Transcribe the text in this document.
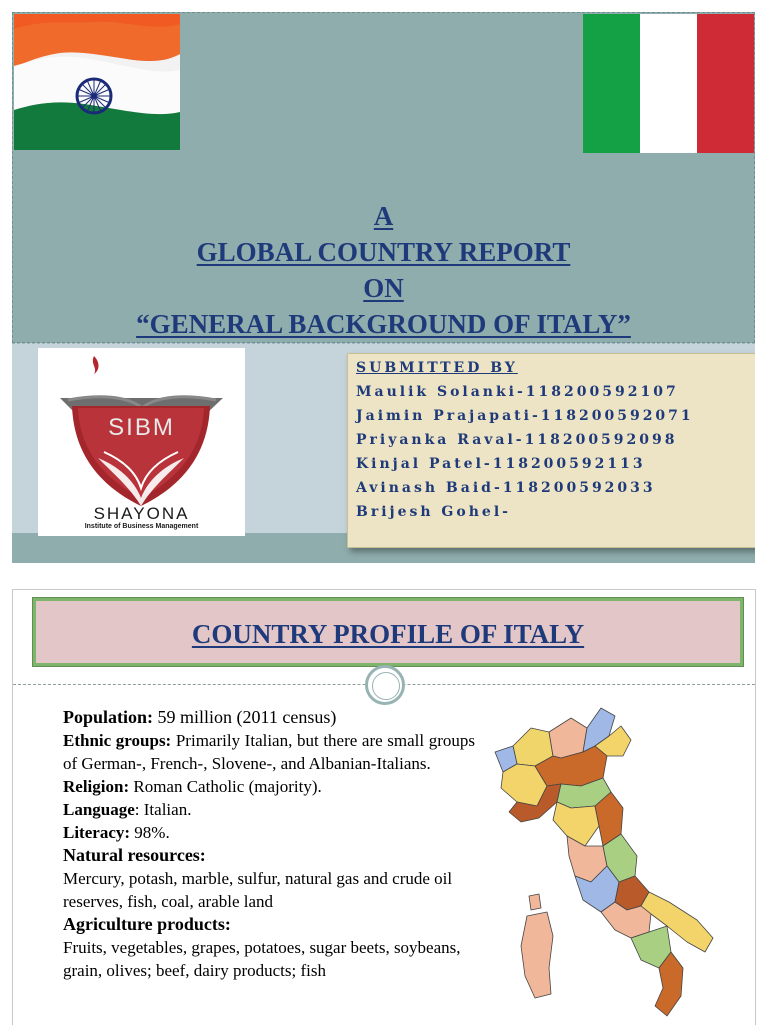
A
GLOBAL COUNTRY REPORT
ON
“GENERAL BACKGROUND OF ITALY”
SIBM
SHAYONA
Institute of Business Management
SUBMITTED BY
Maulik Solanki-118200592107
Jaimin Prajapati-118200592071
Priyanka Raval-118200592098
Kinjal Patel-118200592113
Avinash Baid-118200592033
Brijesh Gohel-
COUNTRY PROFILE OF ITALY
Population: 59 million (2011 census)
Ethnic groups: Primarily Italian, but there are small groups of German-, French-, Slovene-, and Albanian-Italians.
Religion: Roman Catholic (majority).
Language: Italian.
Literacy: 98%.
Natural resources:
Mercury, potash, marble, sulfur, natural gas and crude oil reserves, fish, coal, arable land
Agriculture products:
Fruits, vegetables, grapes, potatoes, sugar beets, soybeans, grain, olives; beef, dairy products; fish
